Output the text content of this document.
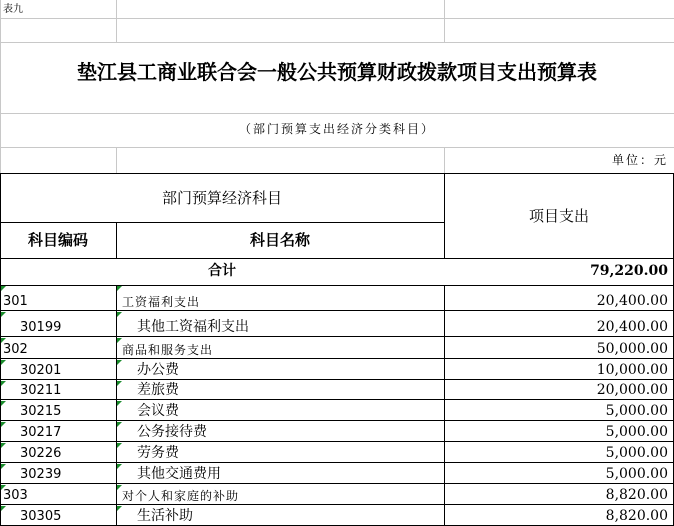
表九
垫江县工商业联合会一般公共预算财政拨款项目支出预算表
（部门预算支出经济分类科目）
单位：元
部门预算经济科目
科目编码	科目名称
项目支出
合计	79,220.00
301	工资福利支出	20,400.00
30199	其他工资福利支出	20,400.00
302	商品和服务支出	50,000.00
30201	办公费	10,000.00
30211	差旅费	20,000.00
30215	会议费	5,000.00
30217	公务接待费	5,000.00
30226	劳务费	5,000.00
30239	其他交通费用	5,000.00
303	对个人和家庭的补助	8,820.00
30305	生活补助	8,820.00
